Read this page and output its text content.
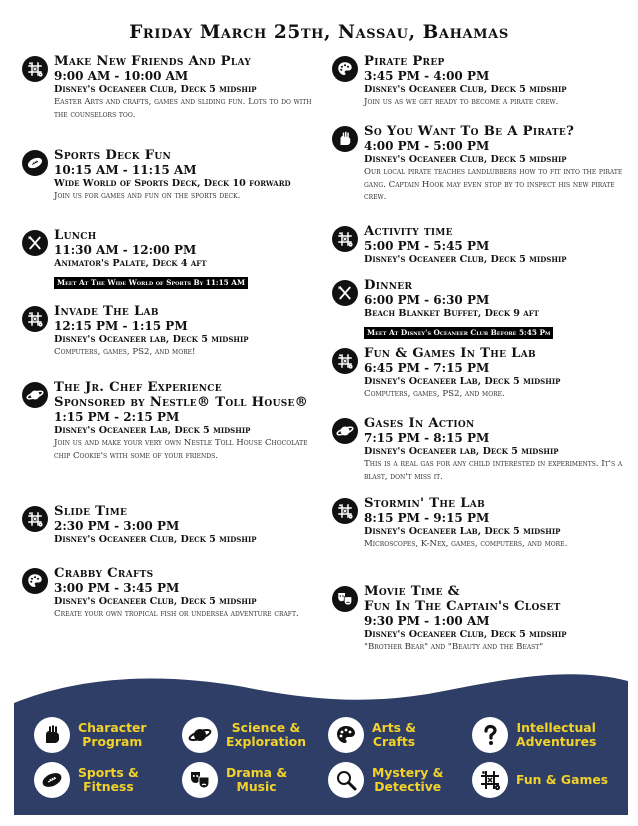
Friday March 25th, Nassau, Bahamas
Make New Friends And Play
9:00 AM - 10:00 AM
Disney's Oceaneer Club, Deck 5 midship
Easter Arts and crafts, games and sliding fun. Lots to do with the counselors too.
Sports Deck Fun
10:15 AM - 11:15 AM
Wide World of Sports Deck, Deck 10 forward
Join us for games and fun on the sports deck.
Lunch
11:30 AM - 12:00 PM
Animator's Palate, Deck 4 aft
Meet At The Wide World of Sports By 11:15 AM
Invade The Lab
12:15 PM - 1:15 PM
Disney's Oceaneer lab, Deck 5 midship
Computers, games, PS2, and more!
The Jr. Chef Experience
Sponsored by Nestle® Toll House®
1:15 PM - 2:15 PM
Disney's Oceaneer Lab, Deck 5 midship
Join us and make your very own Nestle Toll House Chocolate chip Cookie's with some of your friends.
Slide Time
2:30 PM - 3:00 PM
Disney's Oceaneer Club, Deck 5 midship
Crabby Crafts
3:00 PM - 3:45 PM
Disney's Oceaneer Club, Deck 5 midship
Create your own tropical fish or undersea adventure craft.
Pirate Prep
3:45 PM - 4:00 PM
Disney's Oceaneer Club, Deck 5 midship
Join us as we get ready to become a pirate crew.
So You Want To Be A Pirate?
4:00 PM - 5:00 PM
Disney's Oceaneer Club, Deck 5 midship
Our local pirate teaches landlubbers how to fit into the pirate gang. Captain Hook may even stop by to inspect his new pirate crew.
Activity time
5:00 PM - 5:45 PM
Disney's Oceaneer Club, Deck 5 midship
Dinner
6:00 PM - 6:30 PM
Beach Blanket Buffet, Deck 9 aft
Meet At Disney's Oceaneer Club Before 5:45 Pm
Fun & Games In The Lab
6:45 PM - 7:15 PM
Disney's Oceaneer Lab, Deck 5 midship
Computers, games, PS2, and more.
Gases In Action
7:15 PM - 8:15 PM
Disney's Oceaneer lab, Deck 5 midship
This is a real gas for any child interested in experiments. It's a blast, don't miss it.
Stormin' The Lab
8:15 PM - 9:15 PM
Disney's Oceaneer Lab, Deck 5 midship
Microscopes, K-Nex, games, computers, and more.
Movie Time &
Fun In The Captain's Closet
9:30 PM - 1:00 AM
Disney's Oceaneer Club, Deck 5 midship
"Brother Bear" and "Beauty and the Beast"
Character
Program
Science &
Exploration
Arts &
Crafts
Intellectual
Adventures
Sports &
Fitness
Drama &
Music
Mystery &
Detective	Fun & Games
